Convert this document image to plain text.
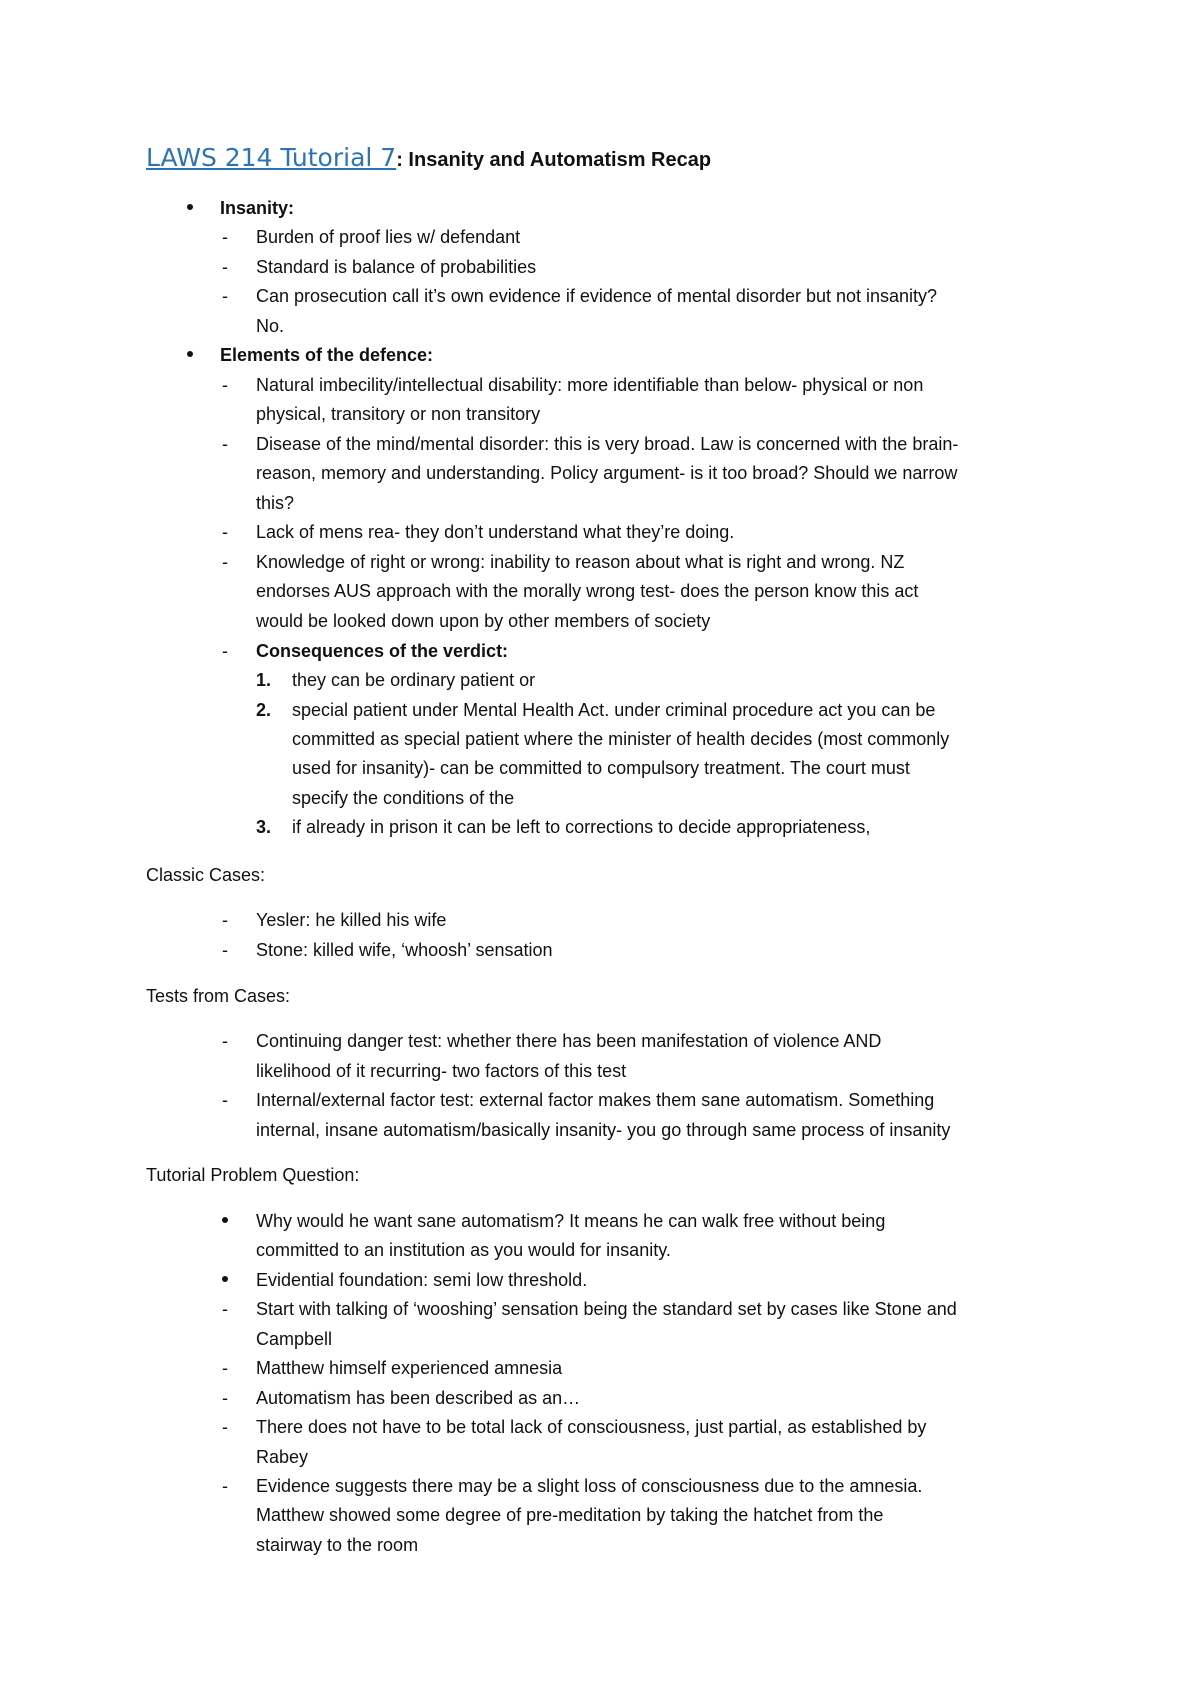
LAWS 214 Tutorial 7: Insanity and Automatism Recap
Insanity:
- Burden of proof lies w/ defendant
- Standard is balance of probabilities
- Can prosecution call it’s own evidence if evidence of mental disorder but not insanity?
No.
Elements of the defence:
- Natural imbecility/intellectual disability: more identifiable than below- physical or non
physical, transitory or non transitory
- Disease of the mind/mental disorder: this is very broad. Law is concerned with the brain-
reason, memory and understanding. Policy argument- is it too broad? Should we narrow
this?
- Lack of mens rea- they don’t understand what they’re doing.
- Knowledge of right or wrong: inability to reason about what is right and wrong. NZ
endorses AUS approach with the morally wrong test- does the person know this act
would be looked down upon by other members of society
- Consequences of the verdict:
1. they can be ordinary patient or
2. special patient under Mental Health Act. under criminal procedure act you can be
committed as special patient where the minister of health decides (most commonly
used for insanity)- can be committed to compulsory treatment. The court must
specify the conditions of the
3. if already in prison it can be left to corrections to decide appropriateness,
Classic Cases:
- Yesler: he killed his wife
- Stone: killed wife, ‘whoosh’ sensation
Tests from Cases:
- Continuing danger test: whether there has been manifestation of violence AND
likelihood of it recurring- two factors of this test
- Internal/external factor test: external factor makes them sane automatism. Something
internal, insane automatism/basically insanity- you go through same process of insanity
Tutorial Problem Question:
Why would he want sane automatism? It means he can walk free without being
committed to an institution as you would for insanity.
Evidential foundation: semi low threshold.
- Start with talking of ‘wooshing’ sensation being the standard set by cases like Stone and
Campbell
- Matthew himself experienced amnesia
- Automatism has been described as an…
- There does not have to be total lack of consciousness, just partial, as established by
Rabey
- Evidence suggests there may be a slight loss of consciousness due to the amnesia.
Matthew showed some degree of pre-meditation by taking the hatchet from the
stairway to the room
